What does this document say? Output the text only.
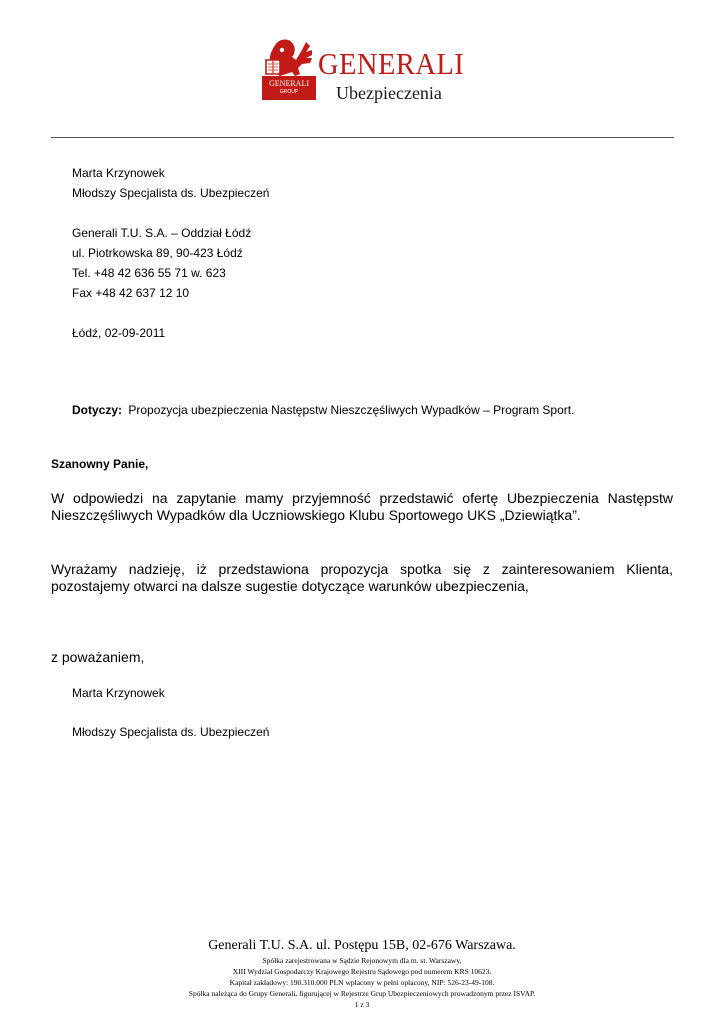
GENERALI
GROUP
GENERALI
Ubezpieczenia
Marta Krzynowek
Młodszy Specjalista ds. Ubezpieczeń
Generali T.U. S.A. – Oddział Łódź
ul. Piotrkowska 89, 90-423 Łódź
Tel. +48 42 636 55 71 w. 623
Fax +48 42 637 12 10
Łódź, 02-09-2011
Dotyczy: Propozycja ubezpieczenia Następstw Nieszczęśliwych Wypadków – Program Sport.
Szanowny Panie,
W odpowiedzi na zapytanie mamy przyjemność przedstawić ofertę Ubezpieczenia Następstw Nieszczęśliwych Wypadków dla Uczniowskiego Klubu Sportowego UKS „Dziewiątka”.
Wyrażamy nadzieję, iż przedstawiona propozycja spotka się z zainteresowaniem Klienta, pozostajemy otwarci na dalsze sugestie dotyczące warunków ubezpieczenia,
z poważaniem,
Marta Krzynowek
Młodszy Specjalista ds. Ubezpieczeń
Generali T.U. S.A. ul. Postępu 15B, 02-676 Warszawa.
Spółka zarejestrowana w Sądzie Rejonowym dla m. st. Warszawy,
XIII Wydział Gospodarczy Krajowego Rejestru Sądowego pod numerem KRS 10623.
Kapitał zakładowy: 190.310.000 PLN wpłacony w pełni opłacony, NIP: 526-23-49-108.
Spółka należąca do Grupy Generali, figurującej w Rejestrze Grup Ubezpieczeniowych prowadzonym przez ISVAP.
1 z 3
